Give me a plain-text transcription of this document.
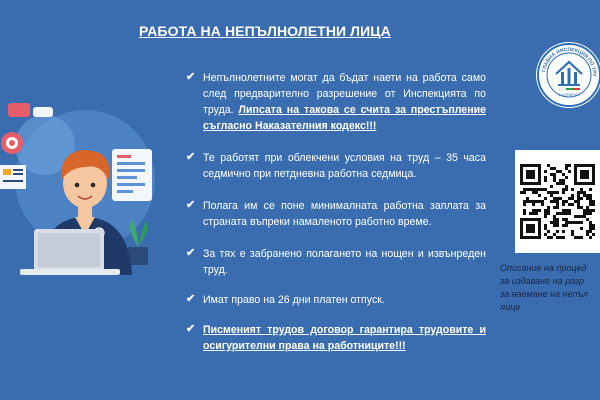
РАБОТА НА НЕПЪЛНОЛЕТНИ ЛИЦА
ГЛАВНА ИНСПЕКЦИЯ ПО ТРУ
БЪЛГАРИЯ
✔ Непълнолетните могат да бъдат наети на работа само след предварително разрешение от Инспекцията по труда. Липсата на такова се счита за престъпление съгласно Наказателния кодекс!!!
✔ Те работят при облекчени условия на труд – 35 часа седмично при петдневна работна седмица.
✔ Полага им се поне минималната работна заплата за страната въпреки намаленото работно време.
✔ За тях е забранено полагането на нощен и извънреден труд.
✔ Имат право на 26 дни платен отпуск.
✔ Писменият трудов договор гарантира трудовите и осигурителни права на работниците!!!
Описание на процед
за издаване на разр
за наемане на непъл
лице
